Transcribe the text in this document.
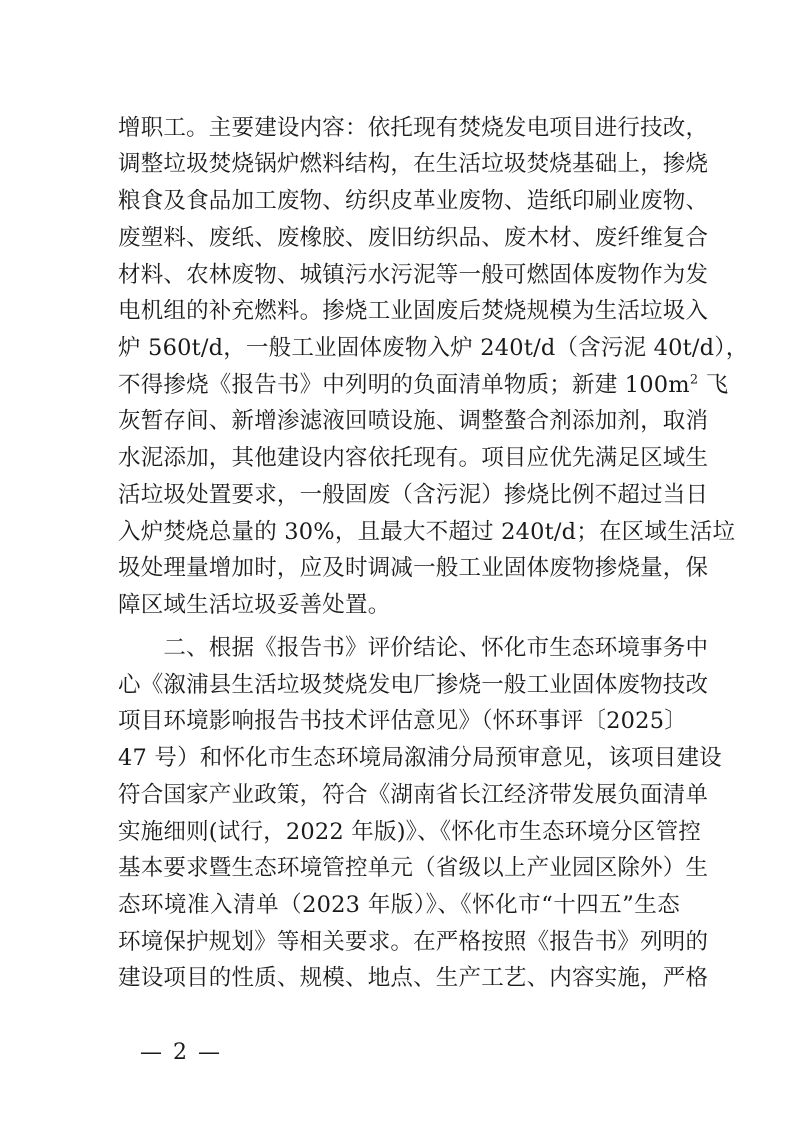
增职工。主要建设内容：依托现有焚烧发电项目进行技改，
调整垃圾焚烧锅炉燃料结构，在生活垃圾焚烧基础上，掺烧
粮食及食品加工废物、纺织皮革业废物、造纸印刷业废物、
废塑料、废纸、废橡胶、废旧纺织品、废木材、废纤维复合
材料、农林废物、城镇污水污泥等一般可燃固体废物作为发
电机组的补充燃料。掺烧工业固废后焚烧规模为生活垃圾入
炉 560t/d，一般工业固体废物入炉 240t/d（含污泥 40t/d），
不得掺烧《报告书》中列明的负面清单物质；新建 $100m^2$ 飞
灰暂存间、新增渗滤液回喷设施、调整螯合剂添加剂，取消
水泥添加，其他建设内容依托现有。项目应优先满足区域生
活垃圾处置要求，一般固废（含污泥）掺烧比例不超过当日
入炉焚烧总量的 30%，且最大不超过 240t/d；在区域生活垃
圾处理量增加时，应及时调减一般工业固体废物掺烧量，保
障区域生活垃圾妥善处置。
　　二、根据《报告书》评价结论、怀化市生态环境事务中
心《溆浦县生活垃圾焚烧发电厂掺烧一般工业固体废物技改
项目环境影响报告书技术评估意见》（怀环事评〔2025〕
47 号）和怀化市生态环境局溆浦分局预审意见，该项目建设
符合国家产业政策，符合《湖南省长江经济带发展负面清单
实施细则(试行，2022 年版)》、《怀化市生态环境分区管控
基本要求暨生态环境管控单元（省级以上产业园区除外）生
态环境准入清单（2023 年版）》、《怀化市“十四五”生态
环境保护规划》等相关要求。在严格按照《报告书》列明的
建设项目的性质、规模、地点、生产工艺、内容实施，严格
— 2 —
